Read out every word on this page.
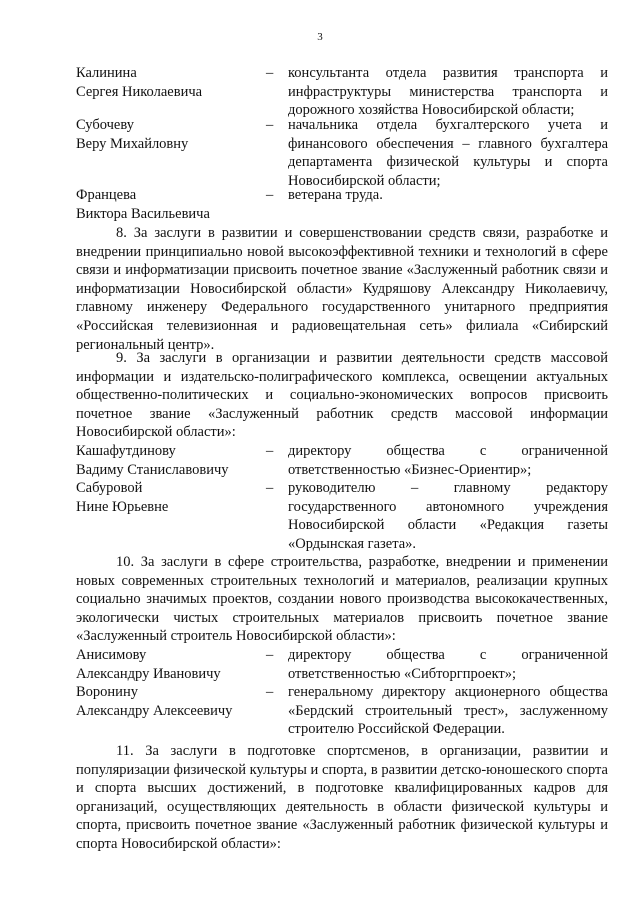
3
Калинина
Сергея Николаевича
– консультанта отдела развития транспорта и инфраструктуры министерства транспорта и дорожного хозяйства Новосибирской области;
Субочеву
Веру Михайловну
– начальника отдела бухгалтерского учета и финансового обеспечения – главного бухгалтера департамента физической культуры и спорта Новосибирской области;
Францева
Виктора Васильевича
– ветерана труда.
8. За заслуги в развитии и совершенствовании средств связи, разработке и внедрении принципиально новой высокоэффективной техники и технологий в сфере связи и информатизации присвоить почетное звание «Заслуженный работник связи и информатизации Новосибирской области» Кудряшову Александру Николаевичу, главному инженеру Федерального государственного унитарного предприятия «Российская телевизионная и радиовещательная сеть» филиала «Сибирский региональный центр».
9. За заслуги в организации и развитии деятельности средств массовой информации и издательско-полиграфического комплекса, освещении актуальных общественно-политических и социально-экономических вопросов присвоить почетное звание «Заслуженный работник средств массовой информации Новосибирской области»:
Кашафутдинову
Вадиму Станиславовичу
– директору общества с ограниченной ответственностью «Бизнес-Ориентир»;
Сабуровой
Нине Юрьевне
– руководителю – главному редактору государственного автономного учреждения Новосибирской области «Редакция газеты «Ордынская газета».
10. За заслуги в сфере строительства, разработке, внедрении и применении новых современных строительных технологий и материалов, реализации крупных социально значимых проектов, создании нового производства высококачественных, экологически чистых строительных материалов присвоить почетное звание «Заслуженный строитель Новосибирской области»:
Анисимову
Александру Ивановичу
– директору общества с ограниченной ответственностью «Сибторгпроект»;
Воронину
Александру Алексеевичу
– генеральному директору акционерного общества «Бердский строительный трест», заслуженному строителю Российской Федерации.
11. За заслуги в подготовке спортсменов, в организации, развитии и популяризации физической культуры и спорта, в развитии детско-юношеского спорта и спорта высших достижений, в подготовке квалифицированных кадров для организаций, осуществляющих деятельность в области физической культуры и спорта, присвоить почетное звание «Заслуженный работник физической культуры и спорта Новосибирской области»:
